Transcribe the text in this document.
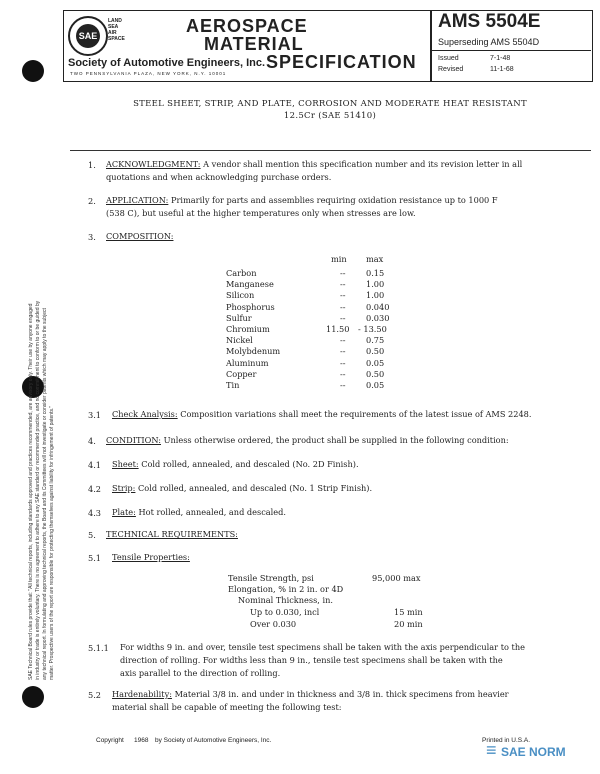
SAE
LAND
SEA
AIR
SPACE
AEROSPACE
MATERIAL
SPECIFICATION
Society of Automotive Engineers, Inc.
TWO PENNSYLVANIA PLAZA, NEW YORK, N.Y. 10001
AMS 5504E
Superseding AMS 5504D
Issued	7-1-48
Revised	11-1-68
STEEL SHEET, STRIP, AND PLATE, CORROSION AND MODERATE HEAT RESISTANT
12.5Cr (SAE 51410)
SAE Technical Board rules provide that: "All technical reports, including standards approved and practices recommended, are advisory only. Their use by anyone engaged in industry or trade is entirely voluntary. There is no agreement to adhere to any SAE standard or recommended practice, and no commitment to conform to or be guided by any technical report. In formulating and approving technical reports, the Board and its Committees will not investigate or consider patents which may apply to the subject matter. Prospective users of the report are responsible for protecting themselves against liability for infringement of patents."
1. ACKNOWLEDGMENT: A vendor shall mention this specification number and its revision letter in all
quotations and when acknowledging purchase orders.
2. APPLICATION: Primarily for parts and assemblies requiring oxidation resistance up to 1000 F
(538 C), but useful at the higher temperatures only when stresses are low.
3. COMPOSITION:
min max
Carbon	-- 0.15
Manganese	-- 1.00
Silicon	-- 1.00
Phosphorus	-- 0.040
Sulfur	-- 0.030
Chromium	11.50 - 13.50
Nickel	-- 0.75
Molybdenum	-- 0.50
Aluminum	-- 0.05
Copper	-- 0.50
Tin	-- 0.05
3.1 Check Analysis: Composition variations shall meet the requirements of the latest issue of AMS 2248.
4. CONDITION: Unless otherwise ordered, the product shall be supplied in the following condition:
4.1 Sheet: Cold rolled, annealed, and descaled (No. 2D Finish).
4.2 Strip: Cold rolled, annealed, and descaled (No. 1 Strip Finish).
4.3 Plate: Hot rolled, annealed, and descaled.
5. TECHNICAL REQUIREMENTS:
5.1 Tensile Properties:
Tensile Strength, psi	95,000 max
Elongation, % in 2 in. or 4D
Nominal Thickness, in.
Up to 0.030, incl	15 min
Over 0.030	20 min
5.1.1 For widths 9 in. and over, tensile test specimens shall be taken with the axis perpendicular to the
direction of rolling. For widths less than 9 in., tensile test specimens shall be taken with the
axis parallel to the direction of rolling.
5.2 Hardenability: Material 3/8 in. and under in thickness and 3/8 in. thick specimens from heavier
material shall be capable of meeting the following test:
Copyright 1968 by Society of Automotive Engineers, Inc.	Printed in U.S.A.
≡ SAE NORM
